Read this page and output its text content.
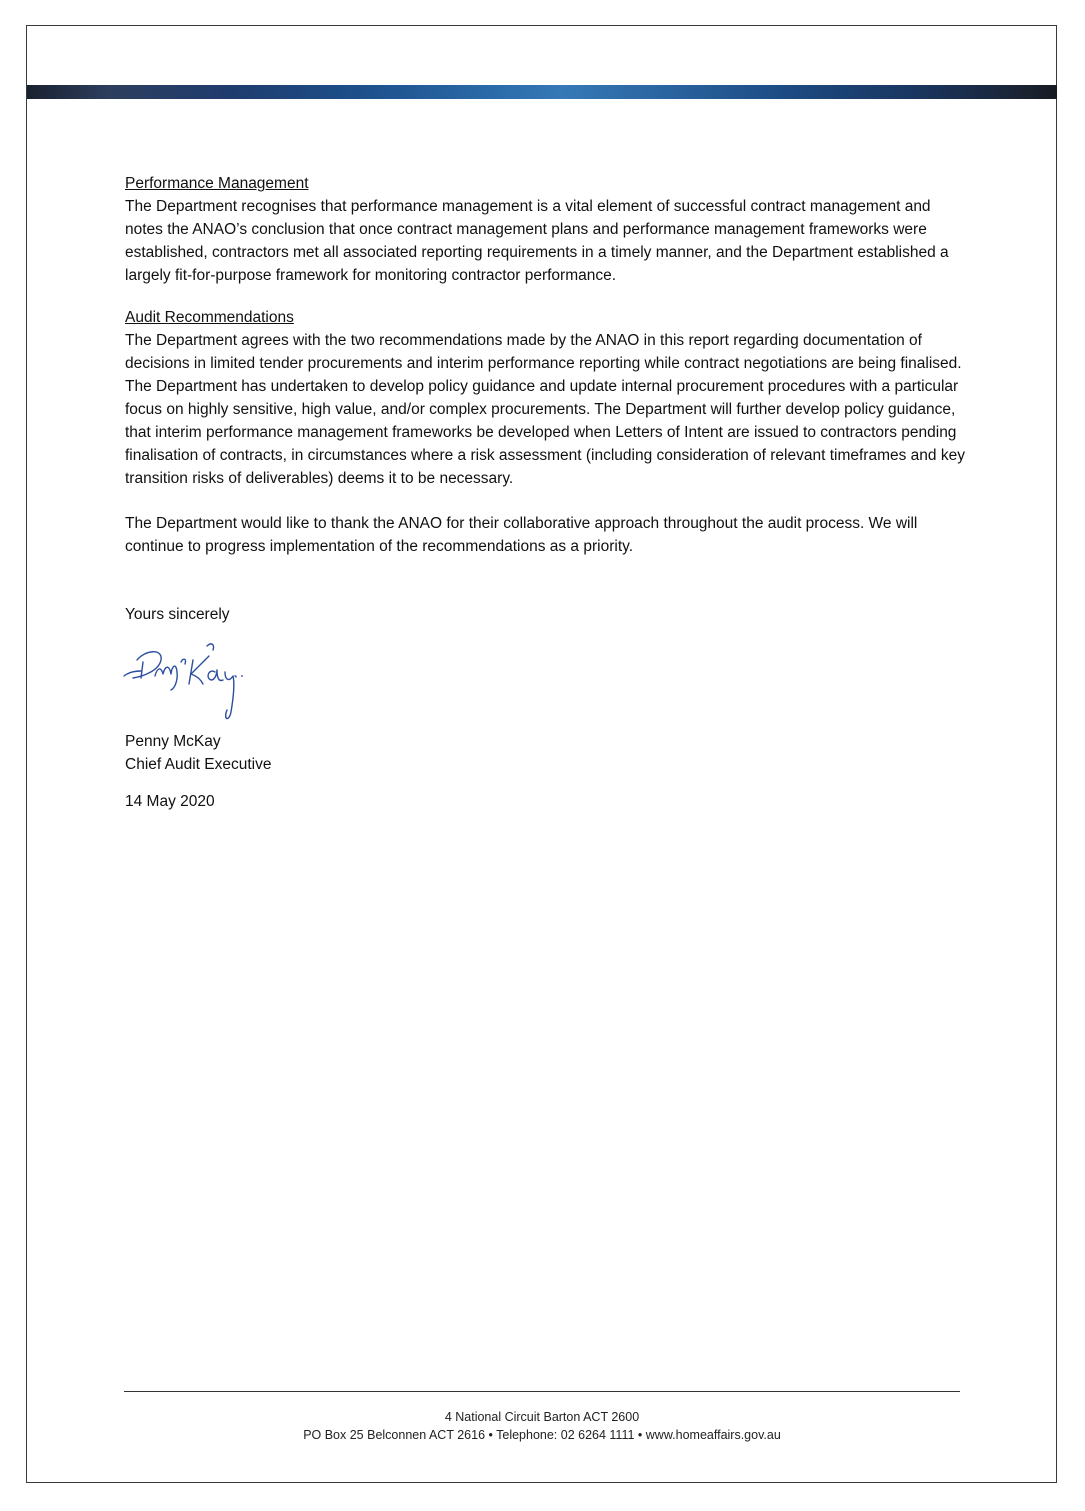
Performance Management

The Department recognises that performance management is a vital element of successful contract management and notes the ANAO’s conclusion that once contract management plans and performance management frameworks were established, contractors met all associated reporting requirements in a timely manner, and the Department established a largely fit-for-purpose framework for monitoring contractor performance.

Audit Recommendations

The Department agrees with the two recommendations made by the ANAO in this report regarding documentation of decisions in limited tender procurements and interim performance reporting while contract negotiations are being finalised. The Department has undertaken to develop policy guidance and update internal procurement procedures with a particular focus on highly sensitive, high value, and/or complex procurements. The Department will further develop policy guidance, that interim performance management frameworks be developed when Letters of Intent are issued to contractors pending finalisation of contracts, in circumstances where a risk assessment (including consideration of relevant timeframes and key transition risks of deliverables) deems it to be necessary.

The Department would like to thank the ANAO for their collaborative approach throughout the audit process. We will continue to progress implementation of the recommendations as a priority.

Yours sincerely

Penny McKay

Chief Audit Executive

14 May 2020

4 National Circuit Barton ACT 2600
PO Box 25 Belconnen ACT 2616 • Telephone: 02 6264 1111 • www.homeaffairs.gov.au
